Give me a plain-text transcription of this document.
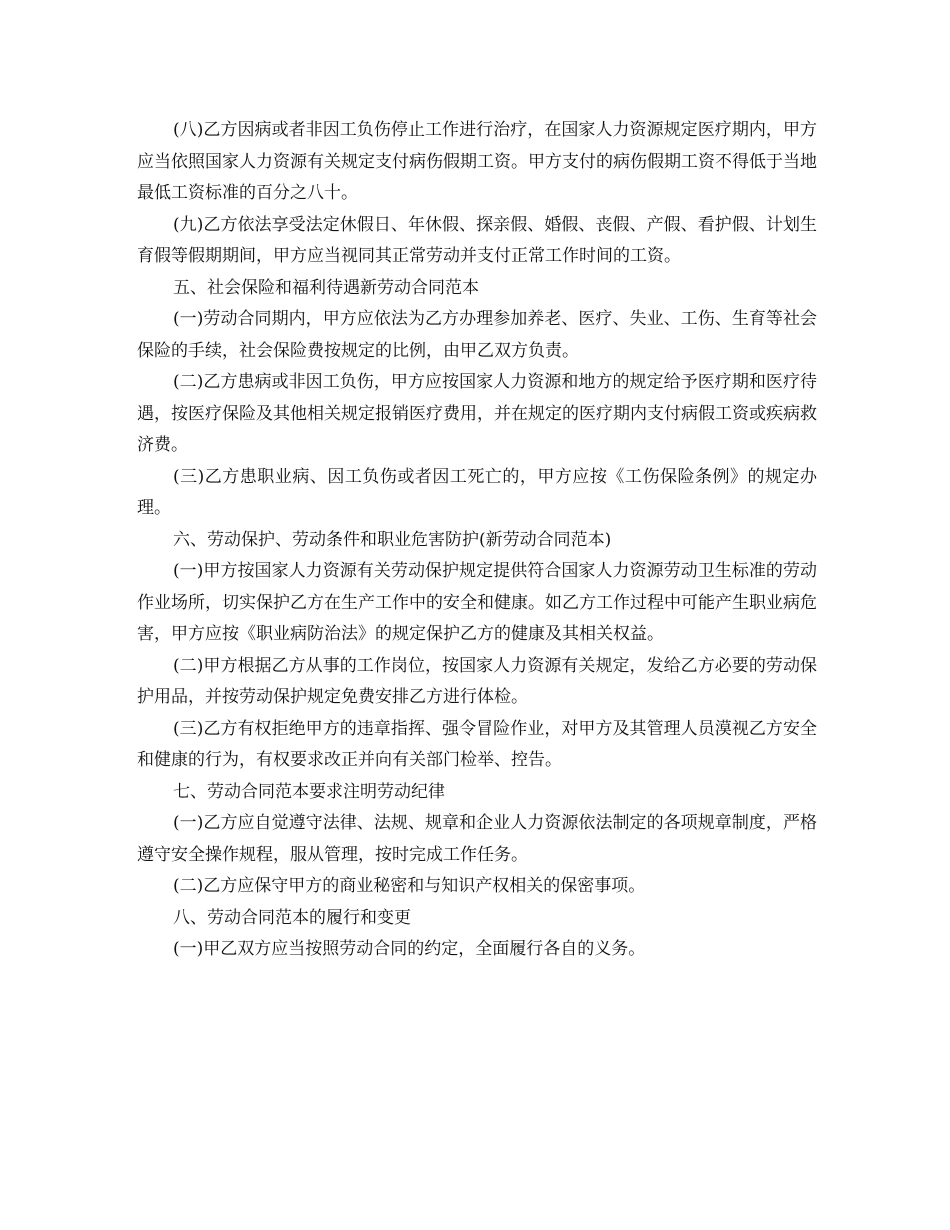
(八)乙方因病或者非因工负伤停止工作进行治疗，在国家人力资源规定医疗期内，甲方应当依照国家人力资源有关规定支付病伤假期工资。甲方支付的病伤假期工资不得低于当地最低工资标准的百分之八十。

(九)乙方依法享受法定休假日、年休假、探亲假、婚假、丧假、产假、看护假、计划生育假等假期期间，甲方应当视同其正常劳动并支付正常工作时间的工资。

五、社会保险和福利待遇新劳动合同范本

(一)劳动合同期内，甲方应依法为乙方办理参加养老、医疗、失业、工伤、生育等社会保险的手续，社会保险费按规定的比例，由甲乙双方负责。

(二)乙方患病或非因工负伤，甲方应按国家人力资源和地方的规定给予医疗期和医疗待遇，按医疗保险及其他相关规定报销医疗费用，并在规定的医疗期内支付病假工资或疾病救济费。

(三)乙方患职业病、因工负伤或者因工死亡的，甲方应按《工伤保险条例》的规定办理。

六、劳动保护、劳动条件和职业危害防护(新劳动合同范本)

(一)甲方按国家人力资源有关劳动保护规定提供符合国家人力资源劳动卫生标准的劳动作业场所，切实保护乙方在生产工作中的安全和健康。如乙方工作过程中可能产生职业病危害，甲方应按《职业病防治法》的规定保护乙方的健康及其相关权益。

(二)甲方根据乙方从事的工作岗位，按国家人力资源有关规定，发给乙方必要的劳动保护用品，并按劳动保护规定免费安排乙方进行体检。

(三)乙方有权拒绝甲方的违章指挥、强令冒险作业，对甲方及其管理人员漠视乙方安全和健康的行为，有权要求改正并向有关部门检举、控告。

七、劳动合同范本要求注明劳动纪律

(一)乙方应自觉遵守法律、法规、规章和企业人力资源依法制定的各项规章制度，严格遵守安全操作规程，服从管理，按时完成工作任务。

(二)乙方应保守甲方的商业秘密和与知识产权相关的保密事项。

八、劳动合同范本的履行和变更

(一)甲乙双方应当按照劳动合同的约定，全面履行各自的义务。
